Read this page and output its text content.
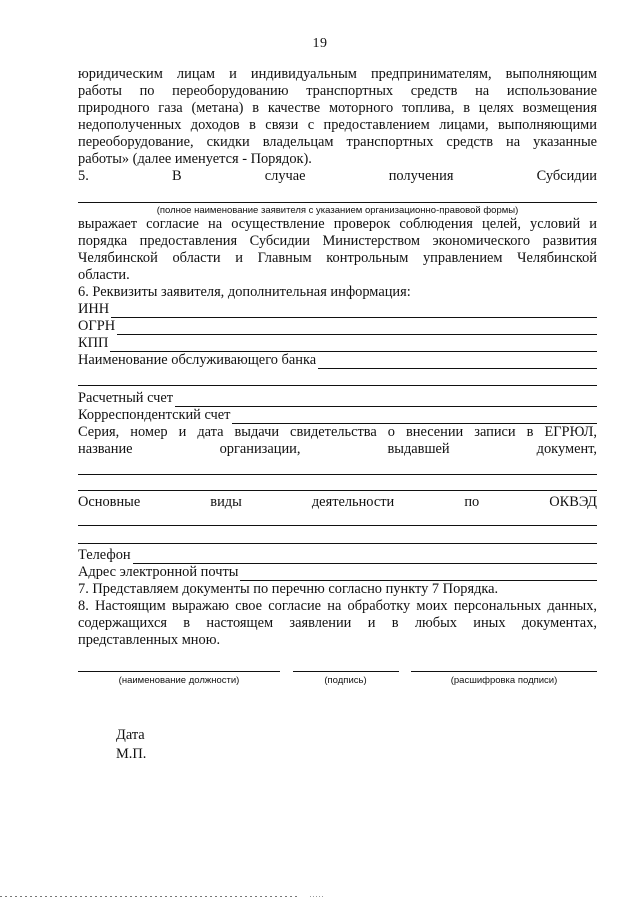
19

юридическим лицам и индивидуальным предпринимателям, выполняющим

работы по переоборудованию транспортных средств на использование

природного газа (метана) в качестве моторного топлива, в целях возмещения

недополученных доходов в связи с предоставлением лицами, выполняющими

переоборудование, скидки владельцам транспортных средств на указанные

работы» (далее именуется - Порядок).

5.	В	случае	получения	Субсидии
(полное наименование заявителя с указанием организационно-правовой формы)

выражает согласие на осуществление проверок соблюдения целей, условий и

порядка предоставления Субсидии Министерством экономического развития

Челябинской области и Главным контрольным управлением Челябинской

области.

6. Реквизиты заявителя, дополнительная информация:

ИНН
ОГРН
КПП
Наименование обслуживающего банка
Расчетный счет
Корреспондентский счет

Серия, номер и дата выдачи свидетельства о внесении записи в ЕГРЮЛ,

название	организации,	выдавшей	документ,
Основные	виды	деятельности	по	ОКВЭД
Телефон
Адрес электронной почты

7. Представляем документы по перечню согласно пункту 7 Порядка.

8. Настоящим выражаю свое согласие на обработку моих персональных данных,

содержащихся в настоящем заявлении и в любых иных документах,

представленных мною.

(наименование должности)	(подпись)	(расшифровка подписи)
Дата
М.П.
